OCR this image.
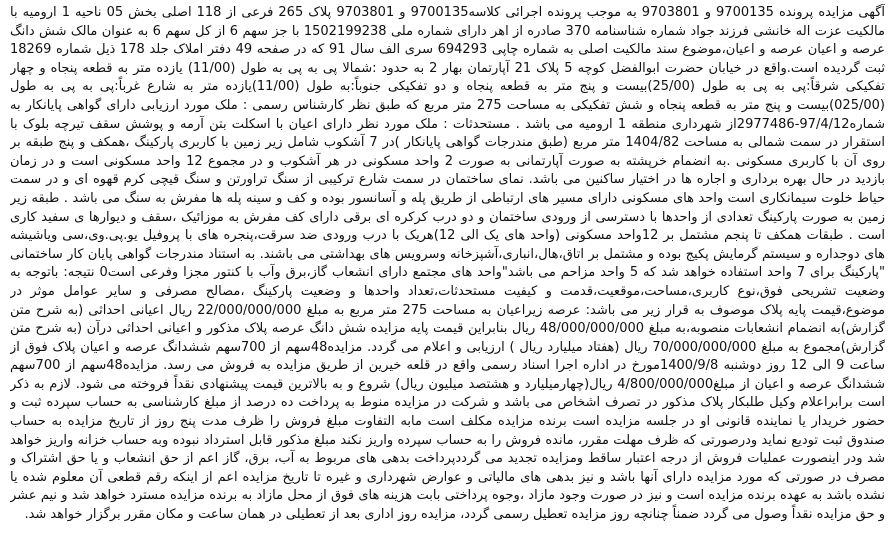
آگهی مزایده پرونده 9700135 و 9703801 به موجب پرونده اجرائی کلاسه9700135 و 9703801 پلاک 265 فرعی از 118 اصلی بخش 05 ناحیه 1 ارومیه با مالکیت عزت اله خانشی فرزند جواد شماره شناسنامه 370 صادره از اهر دارای شماره ملی 1502199238 با جز سهم 6 از کل سهم 6 به عنوان مالک شش دانگ عرصه و اعیان عرصه و اعیان،موضوع سند مالکیت اصلی به شماره چاپی 694293 سری الف سال 91 که در صفحه 49 دفتر املاک جلد 178 ذیل شماره 18269 ثبت گردیده است.واقع در خیابان حضرت ابوالفضل کوچه 5 پلاک 21 آپارتمان بهار 2 به حدود :شمالا پی به پی به طول (11/00) یازده متر به قطعه پنجاه و چهار تفکیکی شرقاً:پی به پی به طول (25/00)بیست و پنج متر به قطعه پنجاه و دو تفکیکی جنوباً:به طول (11/00)یازده متر به شارع غرباً:پی به پی به طول (025/00)بیست و پنج متر به قطعه پنجاه و شش تفکیکی به مساحت 275 متر مربع که طبق نظر کارشناس رسمی : ملک مورد ارزیابی دارای گواهی پایانکار به شماره97/4/12-2977486از شهرداری منطقه 1 ارومیه می باشد . مستحدثات : ملک مورد نظر دارای اعیان با اسکلت بتن آرمه و پوشش سقف تیرچه بلوک با استقرار در سمت شمالی به مساحت 1404/82 متر مربع (طبق مندرجات گواهی پایانکار )در 7 آشکوب شامل زیر زمین با کاربری پارکینگ ،همکف و پنج طبقه بر روی آن با کاربری مسکونی .به انضمام خرپشته به صورت آپارتمانی به صورت 2 واحد مسکونی در هر آشکوب و در مجموع 12 واحد مسکونی است و در زمان بازدید در حال بهره برداری و اجاره ها در اختیار ساکنین می باشد. نمای ساختمان در سمت شارع ترکیبی از سنگ تراورتن و سنگ قیچی کرم قهوه ای و در سمت حیاط خلوت سیمانکاری است واحد های مسکونی دارای مسیر های ارتباطی از طریق پله و آسانسور بوده و کف و سینه پله ها مفرش به سنگ می باشد . طبقه زیر زمین به صورت پارکینگ تعدادی از واحدها با دسترسی از ورودی ساختمان و دو درب کرکره ای برقی دارای کف مفرش به موزائیک ،سقف و دیوارها ی سفید کاری است . طبقات همکف تا پنجم مشتمل بر 12واحد مسکونی (واحد های یک الی 12)هریک با درب ورودی ضد سرقت،پنجره های با پروفیل یو.پی.وی،سی ویاشیشه های دوجداره و سیستم گرمایش پکیج بوده و مشتمل بر اتاق،هال،انباری،آشپزخانه وسرویس های بهداشتی می باشند. به استناد مندرجات گواهی پایان کار ساختمانی "پارکینگ برای 7 واحد استفاده خواهد شد که 5 واحد مزاحم می باشد"واحد های مجتمع دارای انشعاب گاز،برق وآب با کنتور مجزا وفرعی است0 نتیجه: باتوجه به وضعیت تشریحی فوق،نوع کاربری،مساحت،موقعیت،قدمت و کیفیت مستحدثات،تعداد واحدها و وضعیت پارکینگ ،مصالح مصرفی و سایر عوامل موثر در موضوع،قیمت پایه پلاک موصوف به قرار زیر می باشد: عرصه زیراعیان به مساحت 275 متر مربع به مبلغ 22/000/000/000 ریال اعیانی احداثی (به شرح متن گزارش)به انضمام انشعابات منصوبه،به مبلغ 48/000/000/000 ریال بنابراین قیمت پایه مزایده شش دانگ عرصه پلاک مذکور و اعیانی احداثی درآن (به شرح متن گزارش)مجموع به مبلغ 70/000/000/000 ریال (هفتاد میلیارد ریال ) ارزیابی و اعلام می گردد. مزایده48سهم از 700سهم ششدانگ عرصه و اعیان پلاک فوق از ساعت 9 الی 12 روز دوشنبه 1400/9/8مورخ در اداره اجرا اسناد رسمی واقع در قلعه خیرین از طریق مزایده به فروش می رسد. مزایده48سهم از 700سهم ششدانگ عرصه و اعیان از مبلغ4/800/000/000 ریال(چهارمیلیارد و هشتصد میلیون ریال) شروع و به بالاترین قیمت پیشنهادی نقداً فروخته می شود. لازم به ذکر است برابراعلام وکیل طلبکار پلاک مذکور در تصرف اشخاص می باشد و شرکت در مزایده منوط به پرداخت ده درصد از مبلغ کارشناسی به حساب سپرده ثبت و حضور خریدار یا نماینده قانونی او در جلسه مزایده است برنده مزایده مکلف است مابه التفاوت مبلغ فروش را ظرف مدت پنج روز از تاریخ مزایده به حساب صندوق ثبت تودیع نماید ودرصورتی که ظرف مهلت مقرر، مانده فروش را به حساب سپرده واریز نکند مبلغ مذکور قابل استرداد نبوده وبه حساب خزانه واریز خواهد شد ودر اینصورت عملیات فروش از درجه اعتبار ساقط ومزایده تجدید می گرددپرداخت بدهی های مربوط به آب، برق، گاز اعم از حق انشعاب و یا حق اشتراک و مصرف در صورتی که مورد مزایده دارای آنها باشد و نیز بدهی های مالیاتی و عوارض شهرداری و غیره تا تاریخ مزایده اعم از اینکه رقم قطعی آن معلوم شده یا نشده باشد به عهده برنده مزایده است و نیز در صورت وجود مازاد ،وجوه پرداختی بابت هزینه های فوق از محل مازاد به برنده مزایده مسترد خواهد شد و نیم عشر و حق مزایده نقداً وصول می گردد ضمناً چنانچه روز مزایده تعطیل رسمی گردد، مزایده روز اداری بعد از تعطیلی در همان ساعت و مکان مقرر برگزار خواهد شد.
